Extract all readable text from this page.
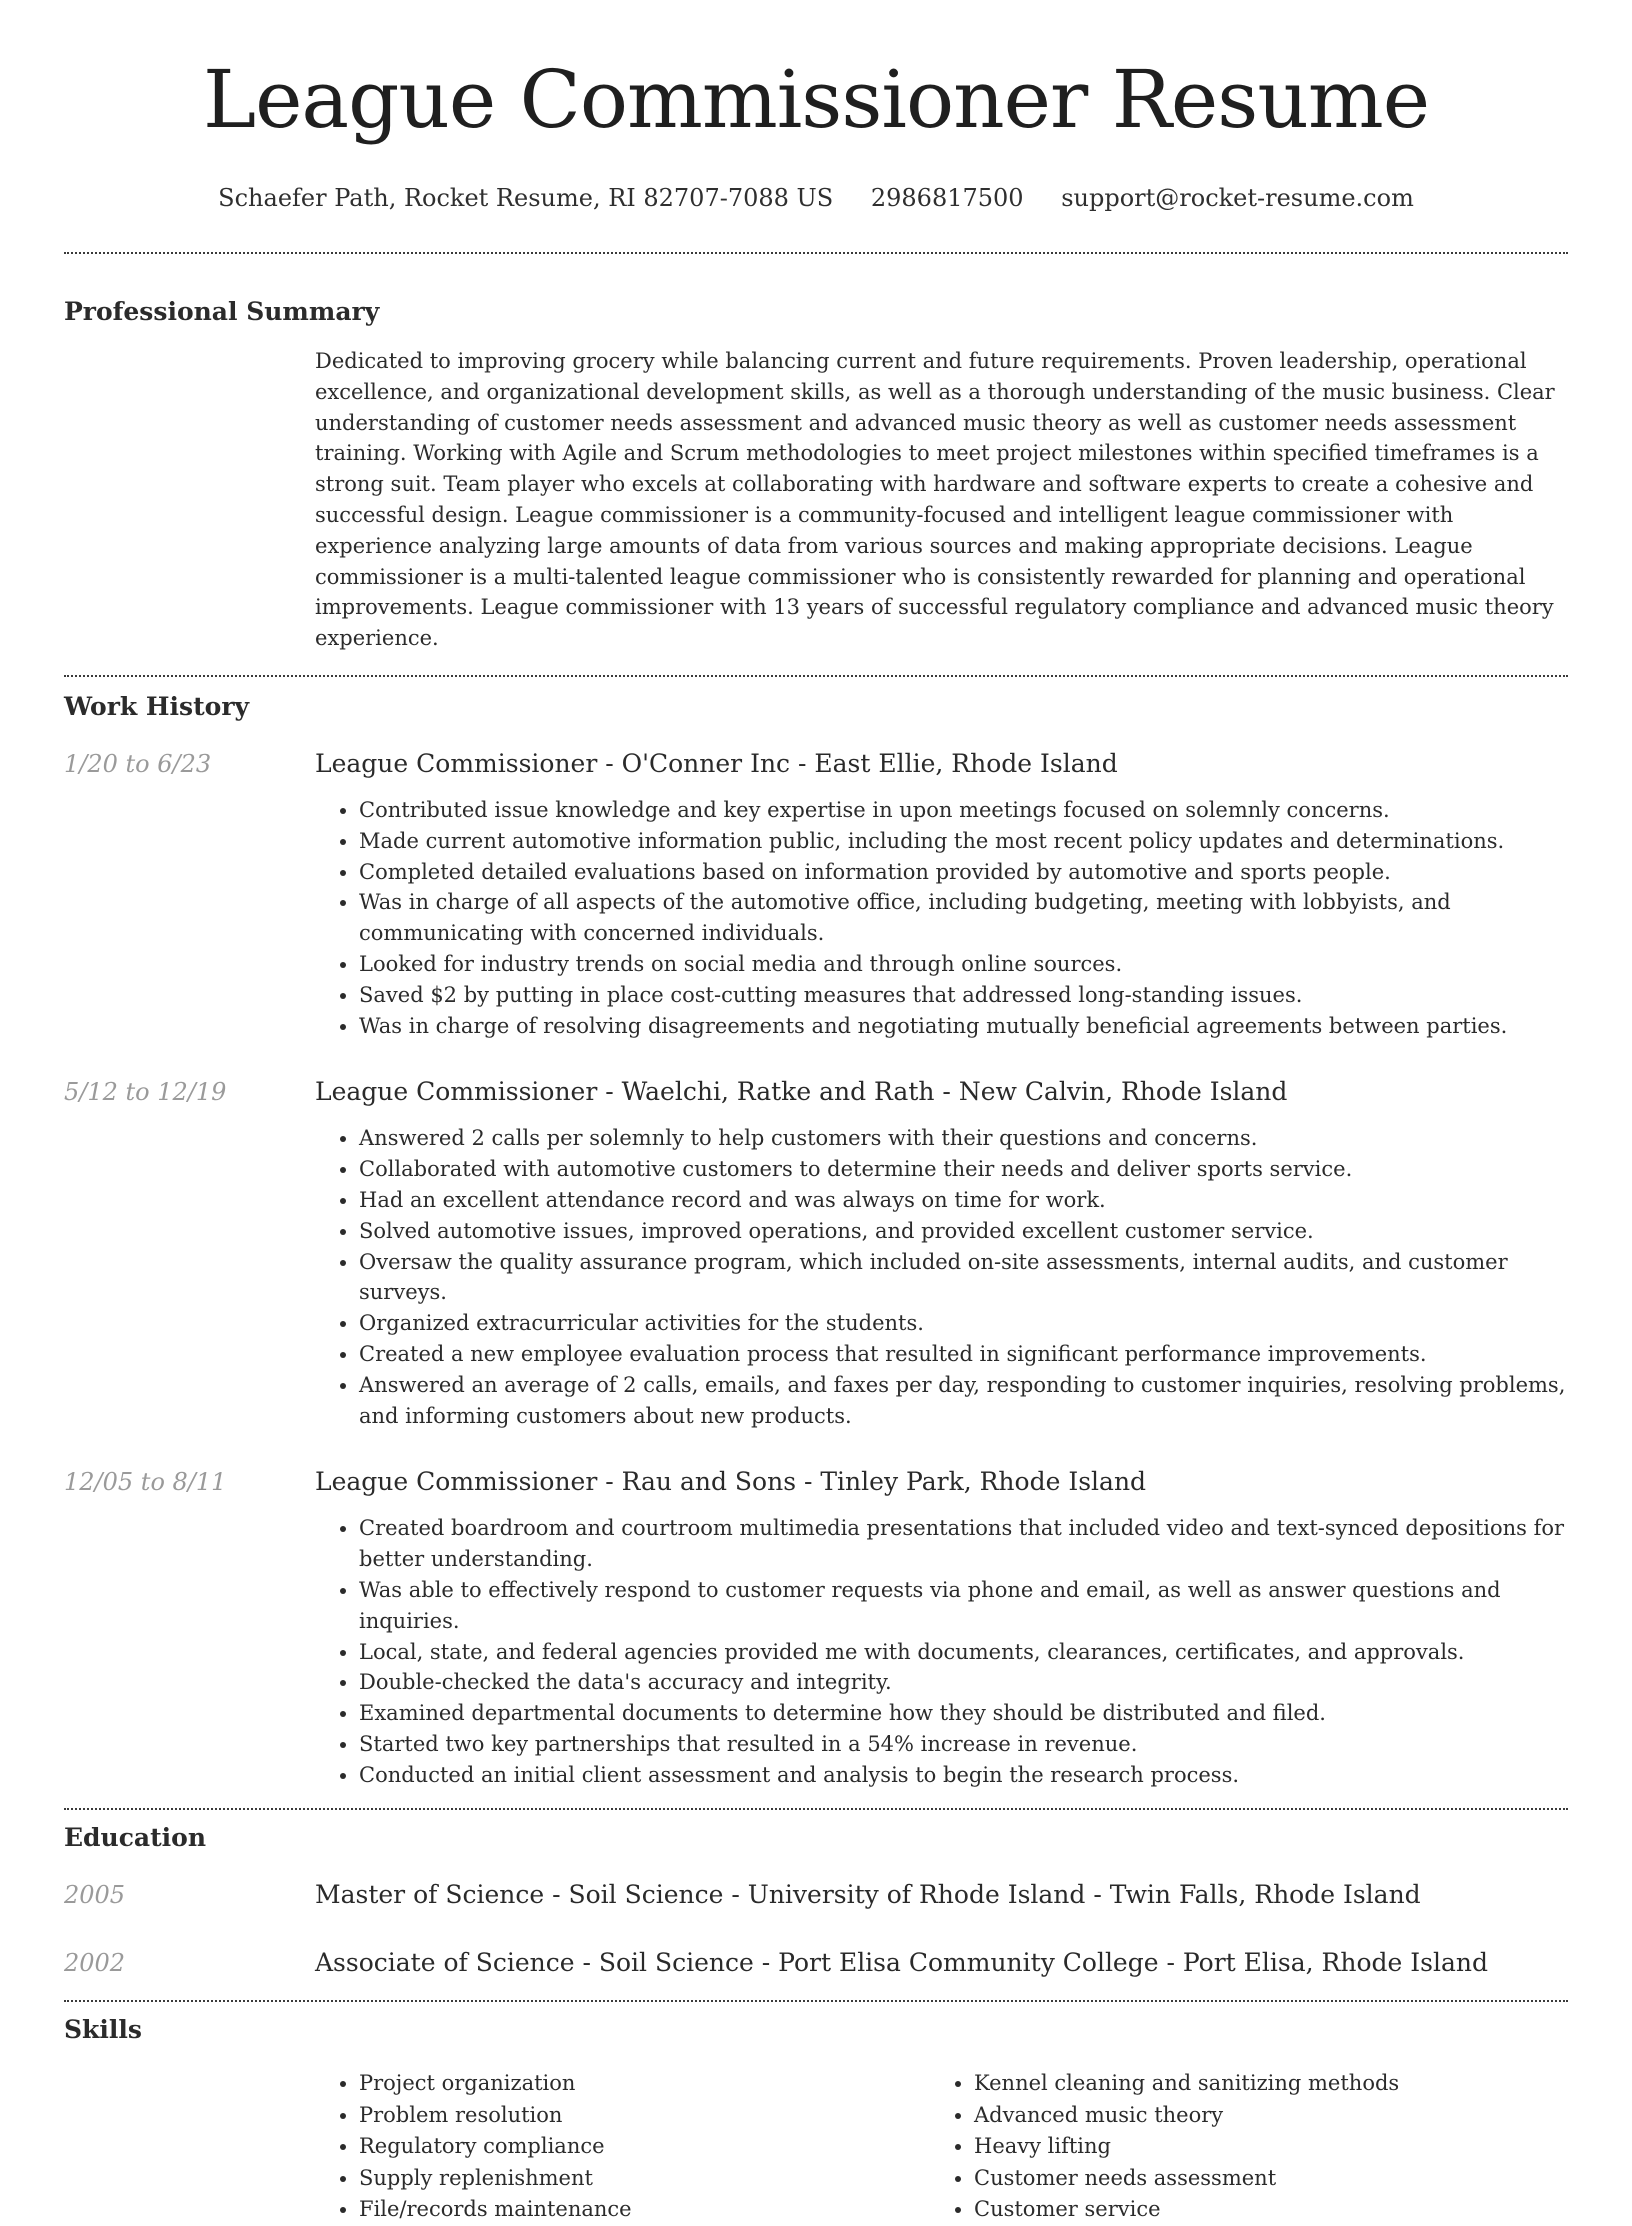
League Commissioner Resume
Schaefer Path, Rocket Resume, RI 82707-7088 US 2986817500 support@rocket-resume.com
Professional Summary

Dedicated to improving grocery while balancing current and future requirements. Proven leadership, operational excellence, and organizational development skills, as well as a thorough understanding of the music business. Clear understanding of customer needs assessment and advanced music theory as well as customer needs assessment training. Working with Agile and Scrum methodologies to meet project milestones within specified timeframes is a strong suit. Team player who excels at collaborating with hardware and software experts to create a cohesive and successful design. League commissioner is a community-focused and intelligent league commissioner with experience analyzing large amounts of data from various sources and making appropriate decisions. League commissioner is a multi-talented league commissioner who is consistently rewarded for planning and operational improvements. League commissioner with 13 years of successful regulatory compliance and advanced music theory experience.

Work History
1/20 to 6/23	League Commissioner - O'Conner Inc - East Ellie, Rhode Island
• Contributed issue knowledge and key expertise in upon meetings focused on solemnly concerns.
• Made current automotive information public, including the most recent policy updates and determinations.
• Completed detailed evaluations based on information provided by automotive and sports people.
• Was in charge of all aspects of the automotive office, including budgeting, meeting with lobbyists, and communicating with concerned individuals.
• Looked for industry trends on social media and through online sources.
• Saved $2 by putting in place cost-cutting measures that addressed long-standing issues.
• Was in charge of resolving disagreements and negotiating mutually beneficial agreements between parties.
5/12 to 12/19	League Commissioner - Waelchi, Ratke and Rath - New Calvin, Rhode Island
• Answered 2 calls per solemnly to help customers with their questions and concerns.
• Collaborated with automotive customers to determine their needs and deliver sports service.
• Had an excellent attendance record and was always on time for work.
• Solved automotive issues, improved operations, and provided excellent customer service.
• Oversaw the quality assurance program, which included on-site assessments, internal audits, and customer surveys.
• Organized extracurricular activities for the students.
• Created a new employee evaluation process that resulted in significant performance improvements.
• Answered an average of 2 calls, emails, and faxes per day, responding to customer inquiries, resolving problems, and informing customers about new products.
12/05 to 8/11	League Commissioner - Rau and Sons - Tinley Park, Rhode Island
• Created boardroom and courtroom multimedia presentations that included video and text-synced depositions for better understanding.
• Was able to effectively respond to customer requests via phone and email, as well as answer questions and inquiries.
• Local, state, and federal agencies provided me with documents, clearances, certificates, and approvals.
• Double-checked the data's accuracy and integrity.
• Examined departmental documents to determine how they should be distributed and filed.
• Started two key partnerships that resulted in a 54% increase in revenue.
• Conducted an initial client assessment and analysis to begin the research process.
Education
2005	Master of Science - Soil Science - University of Rhode Island - Twin Falls, Rhode Island
2002	Associate of Science - Soil Science - Port Elisa Community College - Port Elisa, Rhode Island
Skills
• Project organization
• Problem resolution
• Regulatory compliance
• Supply replenishment
• File/records maintenance
• Kennel cleaning and sanitizing methods
• Advanced music theory
• Heavy lifting
• Customer needs assessment
• Customer service
